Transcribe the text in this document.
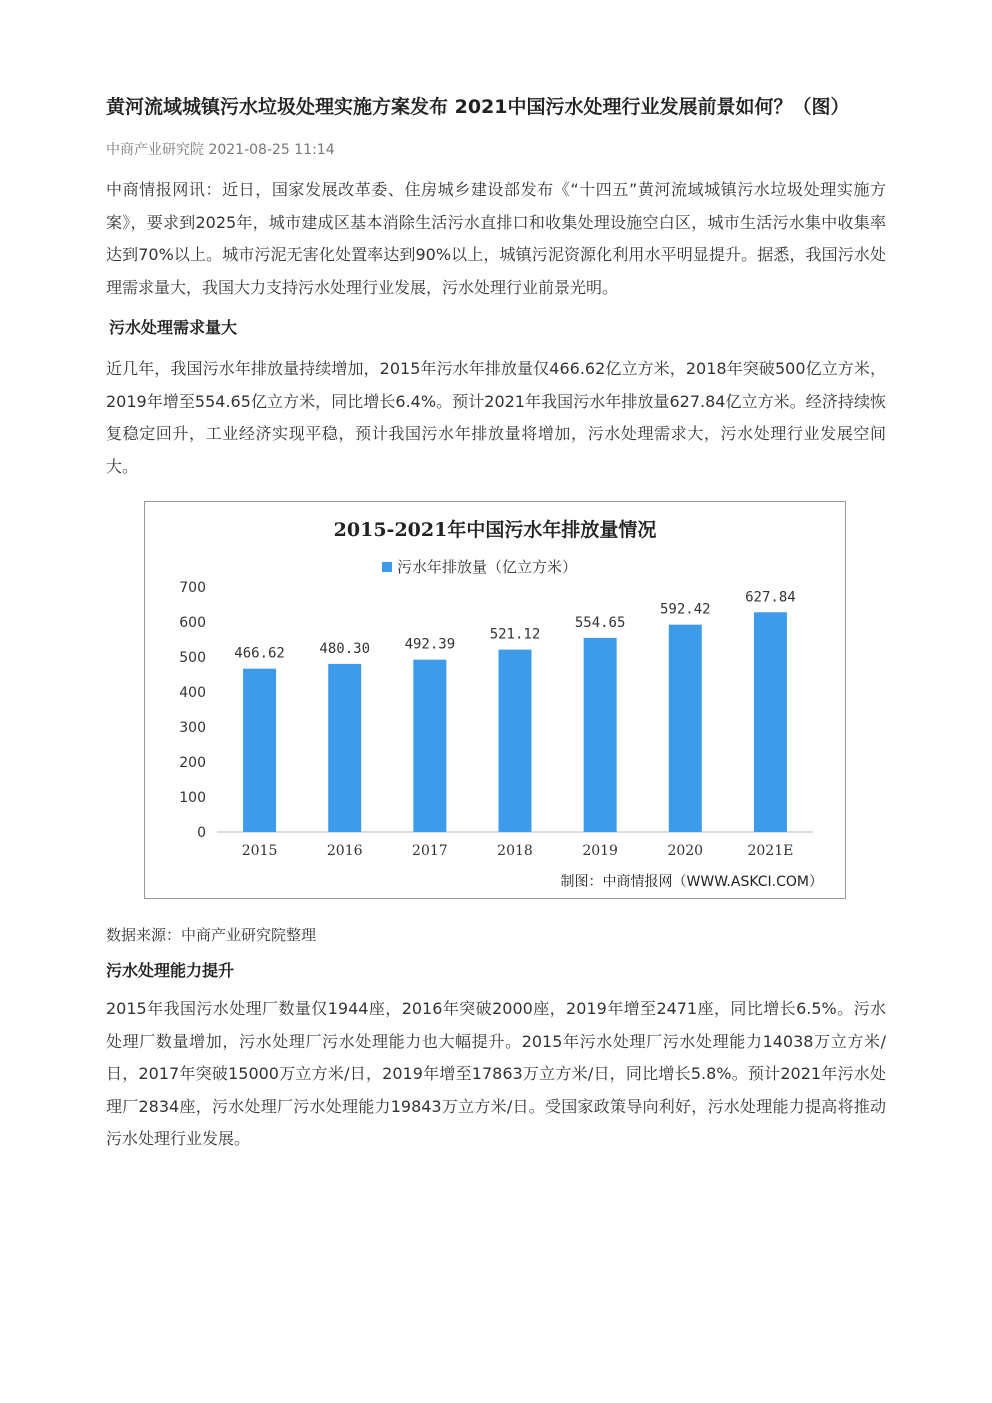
黄河流域城镇污水垃圾处理实施方案发布 2021中国污水处理行业发展前景如何？（图）
中商产业研究院 2021-08-25 11:14

中商情报网讯：近日，国家发展改革委、住房城乡建设部发布《“十四五”黄河流域城镇污水垃圾处理实施方案》，要求到2025年，城市建成区基本消除生活污水直排口和收集处理设施空白区，城市生活污水集中收集率达到70%以上。城市污泥无害化处置率达到90%以上，城镇污泥资源化利用水平明显提升。据悉，我国污水处理需求量大，我国大力支持污水处理行业发展，污水处理行业前景光明。

污水处理需求量大

近几年，我国污水年排放量持续增加，2015年污水年排放量仅466.62亿立方米，2018年突破500亿立方米，2019年增至554.65亿立方米，同比增长6.4%。预计2021年我国污水年排放量627.84亿立方米。经济持续恢复稳定回升，工业经济实现平稳，预计我国污水年排放量将增加，污水处理需求大，污水处理行业发展空间大。

2015-2021年中国污水年排放量情况
污水年排放量（亿立方米）
0
100
200
300
400
500
600
700
2015	2016	2017	2018	2019	2020	2021E
466.62 480.30 492.39
521.12
554.65
592.42
627.84
制图：中商情报网（WWW.ASKCI.COM）
数据来源：中商产业研究院整理
污水处理能力提升

2015年我国污水处理厂数量仅1944座，2016年突破2000座，2019年增至2471座，同比增长6.5%。污水处理厂数量增加，污水处理厂污水处理能力也大幅提升。2015年污水处理厂污水处理能力14038万立方米/日，2017年突破15000万立方米/日，2019年增至17863万立方米/日，同比增长5.8%。预计2021年污水处理厂2834座，污水处理厂污水处理能力19843万立方米/日。受国家政策导向利好，污水处理能力提高将推动污水处理行业发展。
